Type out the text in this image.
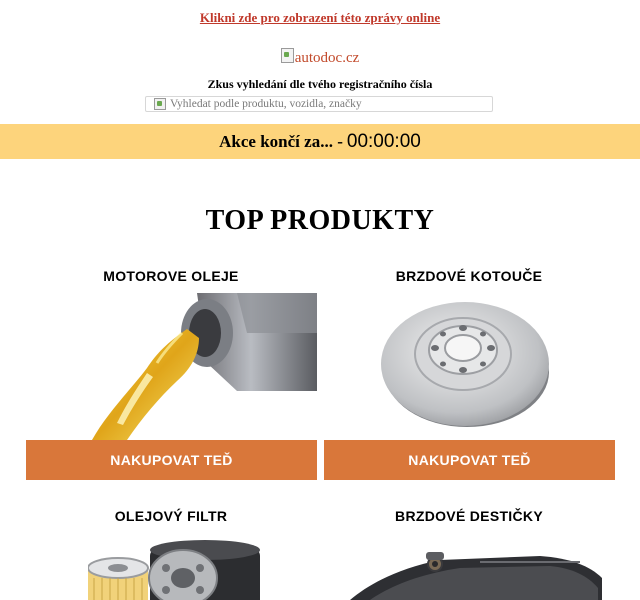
Klikni zde pro zobrazení této zprávy online
autodoc.cz
Zkus vyhledání dle tvého registračního čísla
Vyhledat podle produktu, vozidla, značky
Akce končí za... - 00:00:00
TOP PRODUKTY
MOTOROVE OLEJE
NAKUPOVAT TEĎ
BRZDOVÉ KOTOUČE
NAKUPOVAT TEĎ
OLEJOVÝ FILTR	BRZDOVÉ DESTIČKY
